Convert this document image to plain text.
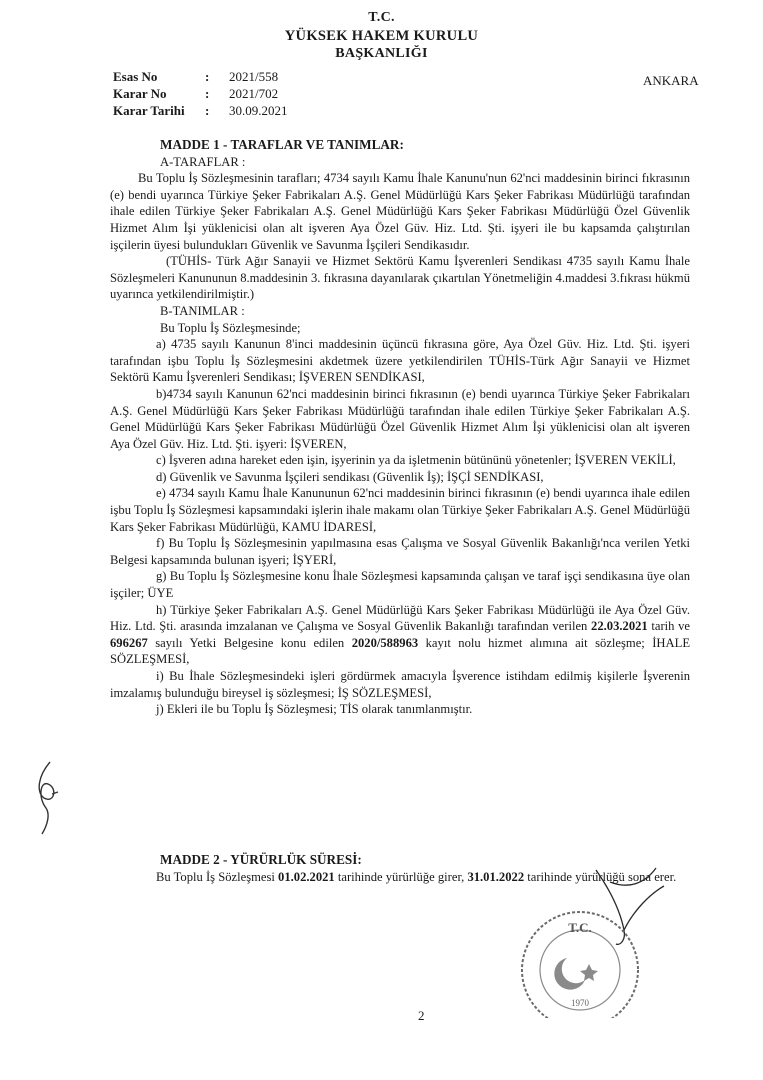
T.C.
YÜKSEK HAKEM KURULU
BAŞKANLIĞI
Esas No	:	2021/558
Karar No	:	2021/702
Karar Tarihi	:	30.09.2021
ANKARA
MADDE 1 - TARAFLAR VE TANIMLAR:
A-TARAFLAR :
Bu Toplu İş Sözleşmesinin tarafları; 4734 sayılı Kamu İhale Kanunu'nun 62'nci maddesinin birinci fıkrasının (e) bendi uyarınca Türkiye Şeker Fabrikaları A.Ş. Genel Müdürlüğü Kars Şeker Fabrikası Müdürlüğü tarafından ihale edilen Türkiye Şeker Fabrikaları A.Ş. Genel Müdürlüğü Kars Şeker Fabrikası Müdürlüğü Özel Güvenlik Hizmet Alım İşi yüklenicisi olan alt işveren Aya Özel Güv. Hiz. Ltd. Şti. işyeri ile bu kapsamda çalıştırılan işçilerin üyesi bulundukları Güvenlik ve Savunma İşçileri Sendikasıdır.
(TÜHİS- Türk Ağır Sanayii ve Hizmet Sektörü Kamu İşverenleri Sendikası 4735 sayılı Kamu İhale Sözleşmeleri Kanununun 8.maddesinin 3. fıkrasına dayanılarak çıkartılan Yönetmeliğin 4.maddesi 3.fıkrası hükmü uyarınca yetkilendirilmiştir.)
B-TANIMLAR :
Bu Toplu İş Sözleşmesinde;
a) 4735 sayılı Kanunun 8'inci maddesinin üçüncü fıkrasına göre, Aya Özel Güv. Hiz. Ltd. Şti. işyeri tarafından işbu Toplu İş Sözleşmesini akdetmek üzere yetkilendirilen TÜHİS-Türk Ağır Sanayii ve Hizmet Sektörü Kamu İşverenleri Sendikası; İŞVEREN SENDİKASI,
b)4734 sayılı Kanunun 62'nci maddesinin birinci fıkrasının (e) bendi uyarınca Türkiye Şeker Fabrikaları A.Ş. Genel Müdürlüğü Kars Şeker Fabrikası Müdürlüğü tarafından ihale edilen Türkiye Şeker Fabrikaları A.Ş. Genel Müdürlüğü Kars Şeker Fabrikası Müdürlüğü Özel Güvenlik Hizmet Alım İşi yüklenicisi olan alt işveren Aya Özel Güv. Hiz. Ltd. Şti. işyeri: İŞVEREN,
c) İşveren adına hareket eden işin, işyerinin ya da işletmenin bütününü yönetenler; İŞVEREN VEKİLİ,
d) Güvenlik ve Savunma İşçileri sendikası (Güvenlik İş); İŞÇİ SENDİKASI,
e) 4734 sayılı Kamu İhale Kanununun 62'nci maddesinin birinci fıkrasının (e) bendi uyarınca ihale edilen işbu Toplu İş Sözleşmesi kapsamındaki işlerin ihale makamı olan Türkiye Şeker Fabrikaları A.Ş. Genel Müdürlüğü Kars Şeker Fabrikası Müdürlüğü, KAMU İDARESİ,
f) Bu Toplu İş Sözleşmesinin yapılmasına esas Çalışma ve Sosyal Güvenlik Bakanlığı'nca verilen Yetki Belgesi kapsamında bulunan işyeri; İŞYERİ,
g) Bu Toplu İş Sözleşmesine konu İhale Sözleşmesi kapsamında çalışan ve taraf işçi sendikasına üye olan işçiler; ÜYE
h) Türkiye Şeker Fabrikaları A.Ş. Genel Müdürlüğü Kars Şeker Fabrikası Müdürlüğü ile Aya Özel Güv. Hiz. Ltd. Şti. arasında imzalanan ve Çalışma ve Sosyal Güvenlik Bakanlığı tarafından verilen 22.03.2021 tarih ve 696267 sayılı Yetki Belgesine konu edilen 2020/588963 kayıt nolu hizmet alımına ait sözleşme; İHALE SÖZLEŞMESİ,
i) Bu İhale Sözleşmesindeki işleri gördürmek amacıyla İşverence istihdam edilmiş kişilerle İşverenin imzalamış bulunduğu bireysel iş sözleşmesi; İŞ SÖZLEŞMESİ,
j) Ekleri ile bu Toplu İş Sözleşmesi; TİS olarak tanımlanmıştır.
MADDE 2 - YÜRÜRLÜK SÜRESİ:
Bu Toplu İş Sözleşmesi 01.02.2021 tarihinde yürürlüğe girer, 31.01.2022 tarihinde yürürlüğü sona erer.
2
T.C.
1970
